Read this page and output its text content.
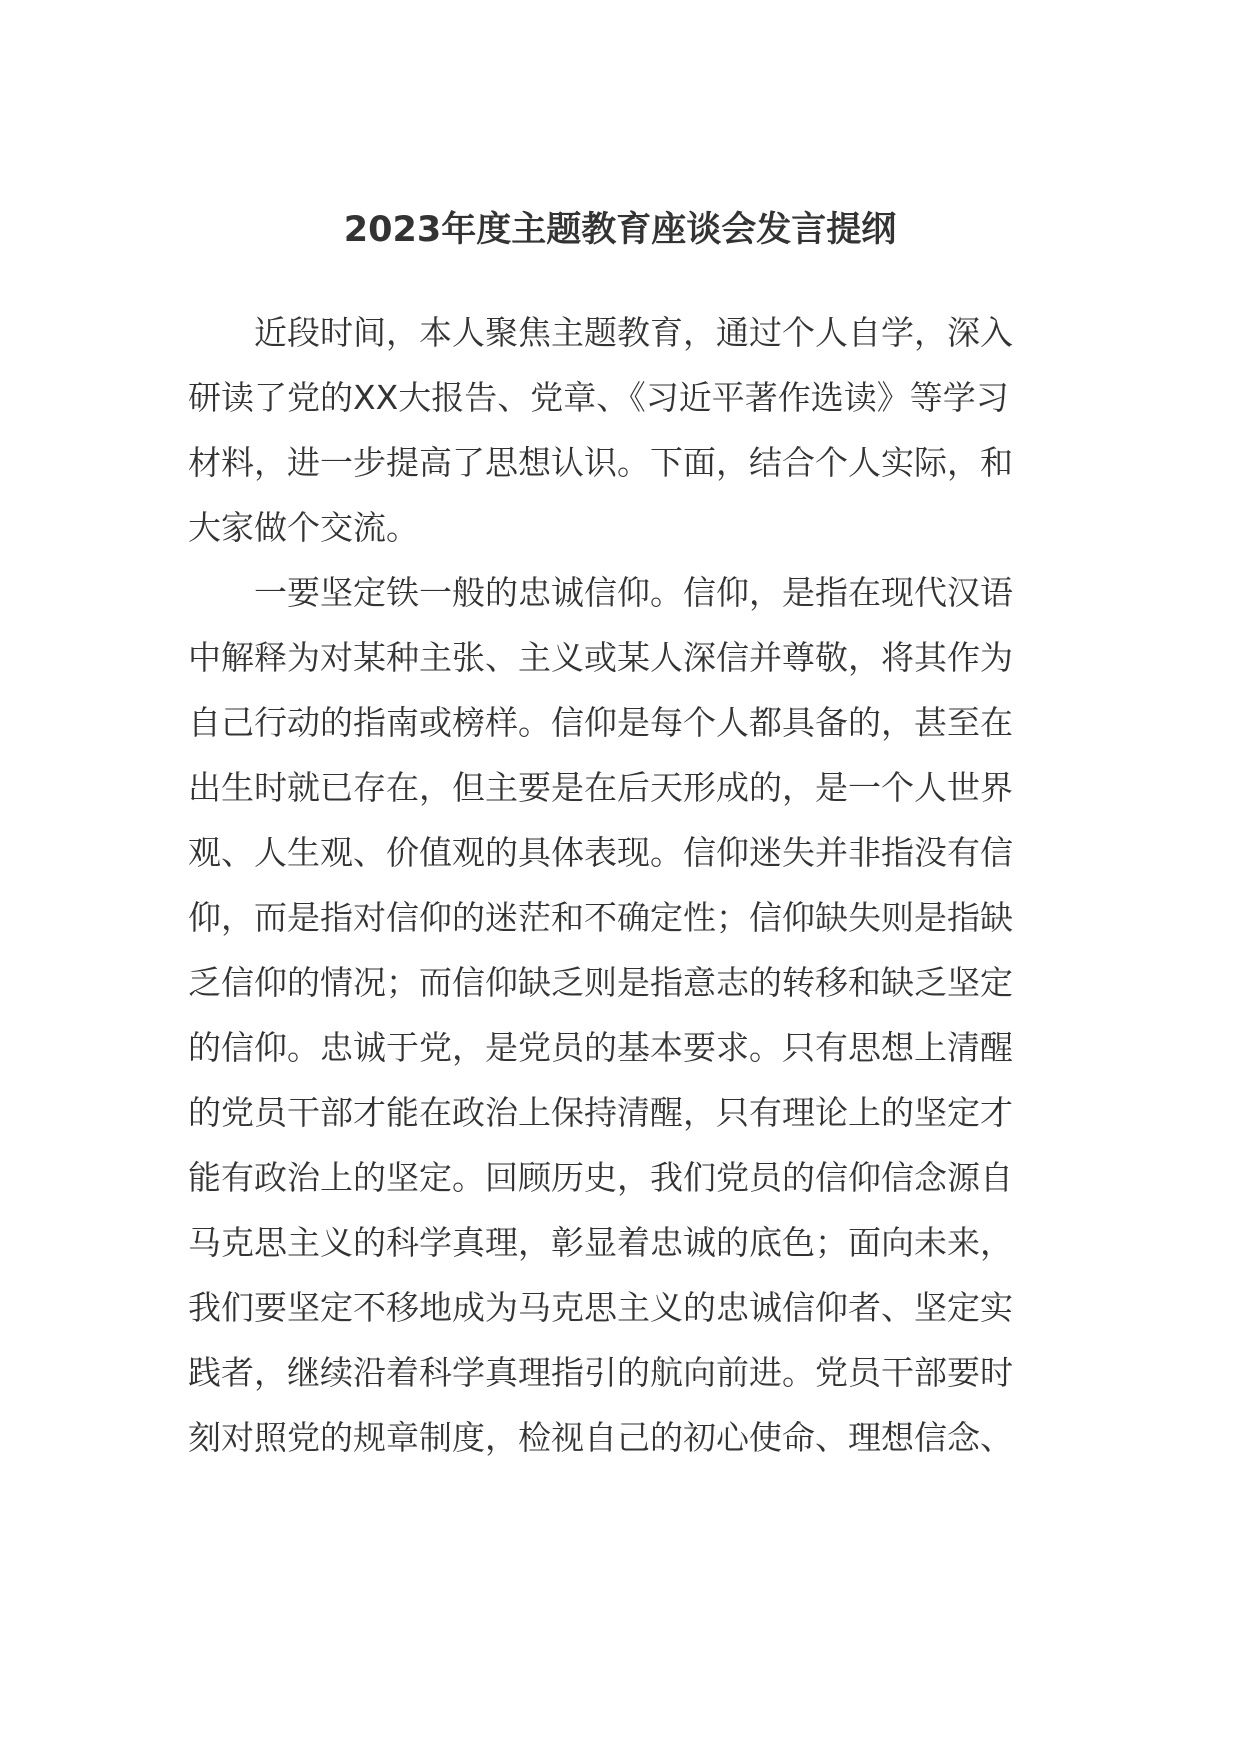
2023年度主题教育座谈会发言提纲
近段时间，本人聚焦主题教育，通过个人自学，深入
研读了党的XX大报告、党章、《习近平著作选读》等学习
材料，进一步提高了思想认识。下面，结合个人实际，和
大家做个交流。
一要坚定铁一般的忠诚信仰。信仰，是指在现代汉语
中解释为对某种主张、主义或某人深信并尊敬，将其作为
自己行动的指南或榜样。信仰是每个人都具备的，甚至在
出生时就已存在，但主要是在后天形成的，是一个人世界
观、人生观、价值观的具体表现。信仰迷失并非指没有信
仰，而是指对信仰的迷茫和不确定性；信仰缺失则是指缺
乏信仰的情况；而信仰缺乏则是指意志的转移和缺乏坚定
的信仰。忠诚于党，是党员的基本要求。只有思想上清醒
的党员干部才能在政治上保持清醒，只有理论上的坚定才
能有政治上的坚定。回顾历史，我们党员的信仰信念源自
马克思主义的科学真理，彰显着忠诚的底色；面向未来，
我们要坚定不移地成为马克思主义的忠诚信仰者、坚定实
践者，继续沿着科学真理指引的航向前进。党员干部要时
刻对照党的规章制度，检视自己的初心使命、理想信念、
